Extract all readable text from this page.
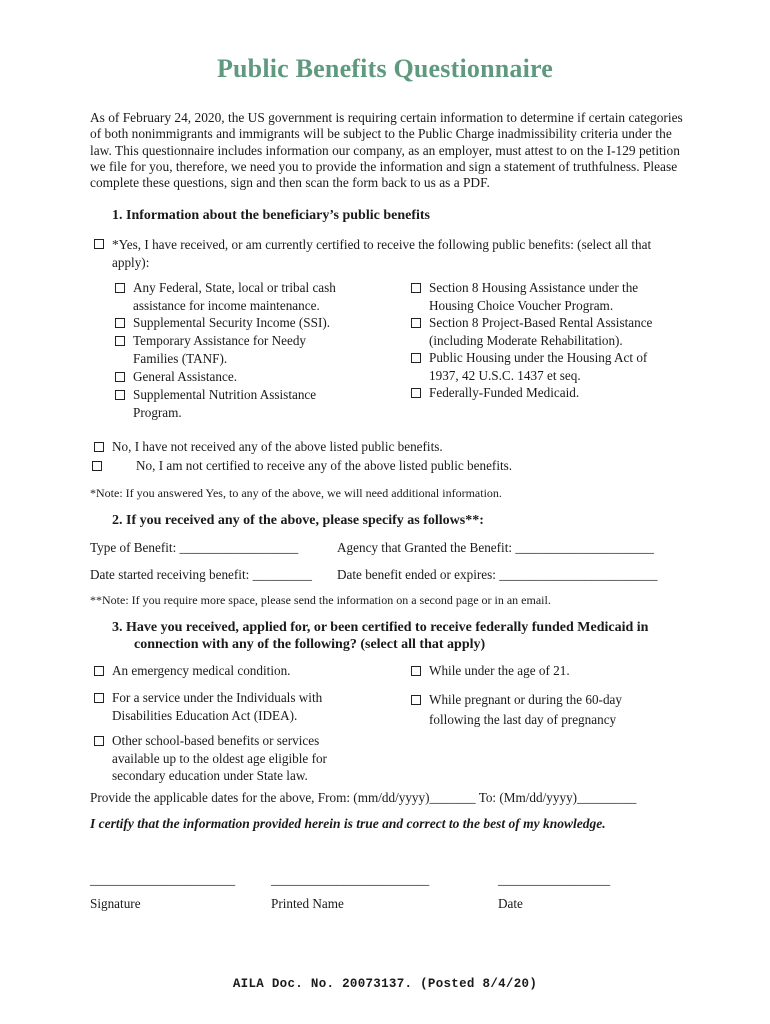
Public Benefits Questionnaire
As of February 24, 2020, the US government is requiring certain information to determine if certain categories of both nonimmigrants and immigrants will be subject to the Public Charge inadmissibility criteria under the law. This questionnaire includes information our company, as an employer, must attest to on the I-129 petition we file for you, therefore, we need you to provide the information and sign a statement of truthfulness. Please complete these questions, sign and then scan the form back to us as a PDF.
1. Information about the beneficiary’s public benefits
*Yes, I have received, or am currently certified to receive the following public benefits: (select all that apply):
Any Federal, State, local or tribal cash assistance for income maintenance.
Supplemental Security Income (SSI).
Temporary Assistance for Needy Families (TANF).
General Assistance.
Supplemental Nutrition Assistance Program.
Section 8 Housing Assistance under the Housing Choice Voucher Program.
Section 8 Project-Based Rental Assistance (including Moderate Rehabilitation).
Public Housing under the Housing Act of 1937, 42 U.S.C. 1437 et seq.
Federally-Funded Medicaid.
No, I have not received any of the above listed public benefits.
No, I am not certified to receive any of the above listed public benefits.
*Note: If you answered Yes, to any of the above, we will need additional information.
2. If you received any of the above, please specify as follows**:
Type of Benefit: __________________	Agency that Granted the Benefit: _____________________
Date started receiving benefit: _________ Date benefit ended or expires: ________________________
**Note: If you require more space, please send the information on a second page or in an email.
3. Have you received, applied for, or been certified to receive federally funded Medicaid in
connection with any of the following? (select all that apply)
An emergency medical condition.
For a service under the Individuals with Disabilities Education Act (IDEA).
Other school-based benefits or services available up to the oldest age eligible for secondary education under State law.
While under the age of 21.
While pregnant or during the 60-day following the last day of pregnancy
Provide the applicable dates for the above, From: (mm/dd/yyyy)_______ To: (Mm/dd/yyyy)_________
I certify that the information provided herein is true and correct to the best of my knowledge.
______________________	________________________	_________________
Signature	Printed Name	Date
AILA Doc. No. 20073137. (Posted 8/4/20)
